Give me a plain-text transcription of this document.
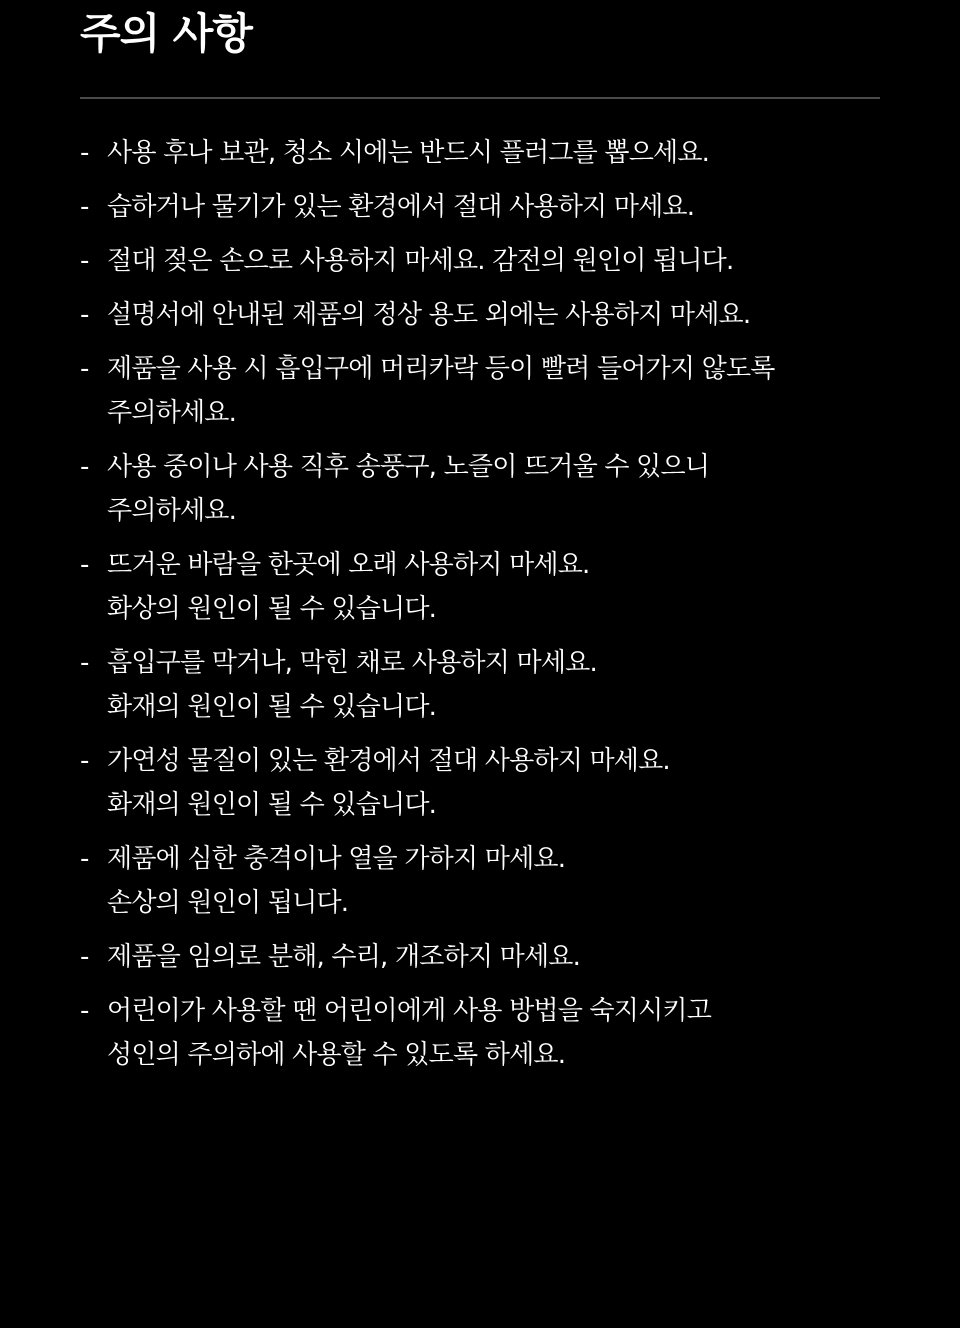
주의 사항
- 사용 후나 보관, 청소 시에는 반드시 플러그를 뽑으세요.
- 습하거나 물기가 있는 환경에서 절대 사용하지 마세요.
- 절대 젖은 손으로 사용하지 마세요. 감전의 원인이 됩니다.
- 설명서에 안내된 제품의 정상 용도 외에는 사용하지 마세요.
- 제품을 사용 시 흡입구에 머리카락 등이 빨려 들어가지 않도록
주의하세요.
- 사용 중이나 사용 직후 송풍구, 노즐이 뜨거울 수 있으니
주의하세요.
- 뜨거운 바람을 한곳에 오래 사용하지 마세요.
화상의 원인이 될 수 있습니다.
- 흡입구를 막거나, 막힌 채로 사용하지 마세요.
화재의 원인이 될 수 있습니다.
- 가연성 물질이 있는 환경에서 절대 사용하지 마세요.
화재의 원인이 될 수 있습니다.
- 제품에 심한 충격이나 열을 가하지 마세요.
손상의 원인이 됩니다.
- 제품을 임의로 분해, 수리, 개조하지 마세요.
- 어린이가 사용할 땐 어린이에게 사용 방법을 숙지시키고
성인의 주의하에 사용할 수 있도록 하세요.
